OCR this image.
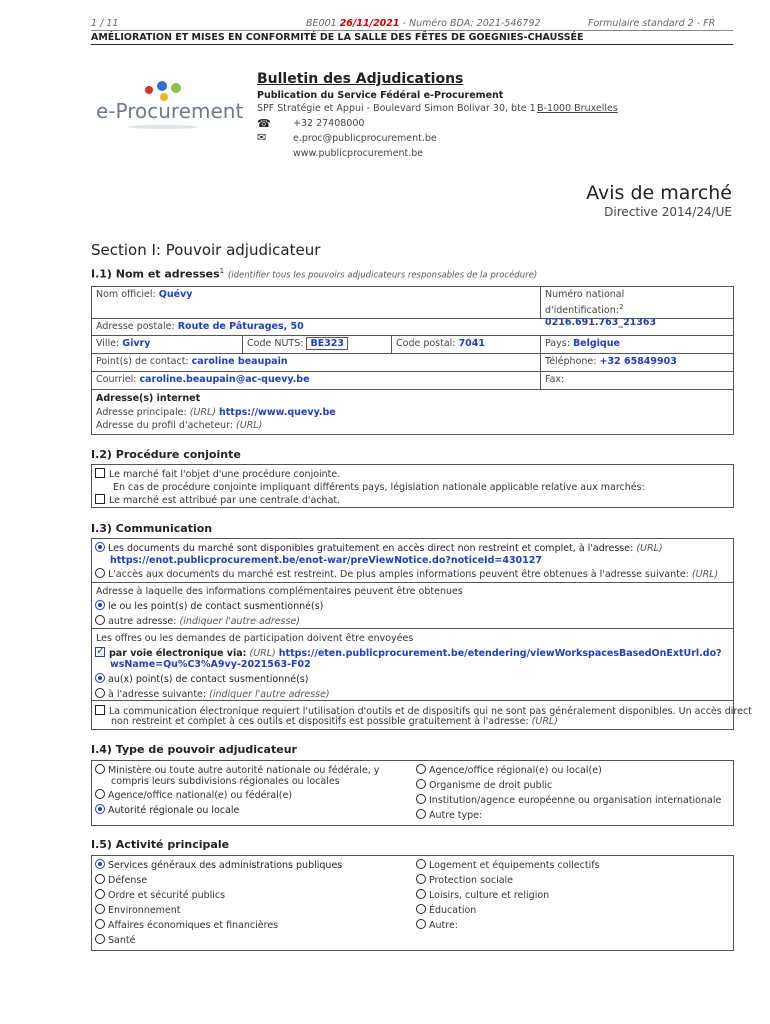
1 / 11	BE001 26/11/2021 - Numéro BDA: 2021-546792	Formulaire standard 2 - FR
AMÉLIORATION ET MISES EN CONFORMITÉ DE LA SALLE DES FÊTES DE GOEGNIES-CHAUSSÉE
e-Procurement
Bulletin des Adjudications
Publication du Service Fédéral e-Procurement
SPF Stratégie et Appui - Boulevard Simon Bolivar 30, bte 1 B-1000 Bruxelles
☎ +32 27408000
✉	e.proc@publicprocurement.be
www.publicprocurement.be
Avis de marché
Directive 2014/24/UE
Section I: Pouvoir adjudicateur
I.1) Nom et adresses$^1$ (identifier tous les pouvoirs adjudicateurs responsables de la procédure)
Nom officiel: Quévy	Numéro national
d'identification:$^2$ 0216.691.763_21363
Adresse postale: Route de Pâturages, 50
Ville: Givry	Code NUTS: BE323	Code postal: 7041	Pays: Belgique
Point(s) de contact: caroline beaupain	Téléphone: +32 65849903
Courriel: caroline.beaupain@ac-quevy.be	Fax:
Adresse(s) internet
Adresse principale: (URL) https://www.quevy.be
Adresse du profil d'acheteur: (URL)
I.2) Procédure conjointe
Le marché fait l'objet d'une procédure conjointe.
En cas de procédure conjointe impliquant différents pays, législation nationale applicable relative aux marchés:
Le marché est attribué par une centrale d'achat.
I.3) Communication
Les documents du marché sont disponibles gratuitement en accès direct non restreint et complet, à l'adresse: (URL)
https://enot.publicprocurement.be/enot-war/preViewNotice.do?noticeId=430127
L'accès aux documents du marché est restreint. De plus amples informations peuvent être obtenues à l'adresse suivante: (URL)
Adresse à laquelle des informations complémentaires peuvent être obtenues
le ou les point(s) de contact susmentionné(s)
autre adresse: (indiquer l'autre adresse)
Les offres ou les demandes de participation doivent être envoyées
✓par voie électronique via: (URL) https://eten.publicprocurement.be/etendering/viewWorkspacesBasedOnExtUrl.do?
wsName=Qu%C3%A9vy-2021563-F02
au(x) point(s) de contact susmentionné(s)
à l'adresse suivante: (indiquer l'autre adresse)
La communication électronique requiert l'utilisation d'outils et de dispositifs qui ne sont pas généralement disponibles. Un accès direct
non restreint et complet à ces outils et dispositifs est possible gratuitement à l'adresse: (URL)
I.4) Type de pouvoir adjudicateur
Ministère ou toute autre autorité nationale ou fédérale, y
compris leurs subdivisions régionales ou locales
Agence/office national(e) ou fédéral(e)
Autorité régionale ou locale
Agence/office régional(e) ou local(e)
Organisme de droit public
Institution/agence européenne ou organisation internationale
Autre type:
I.5) Activité principale
Services généraux des administrations publiques
Défense
Ordre et sécurité publics
Environnement
Affaires économiques et financières
Santé
Logement et équipements collectifs
Protection sociale
Loisirs, culture et religion
Éducation
Autre:
